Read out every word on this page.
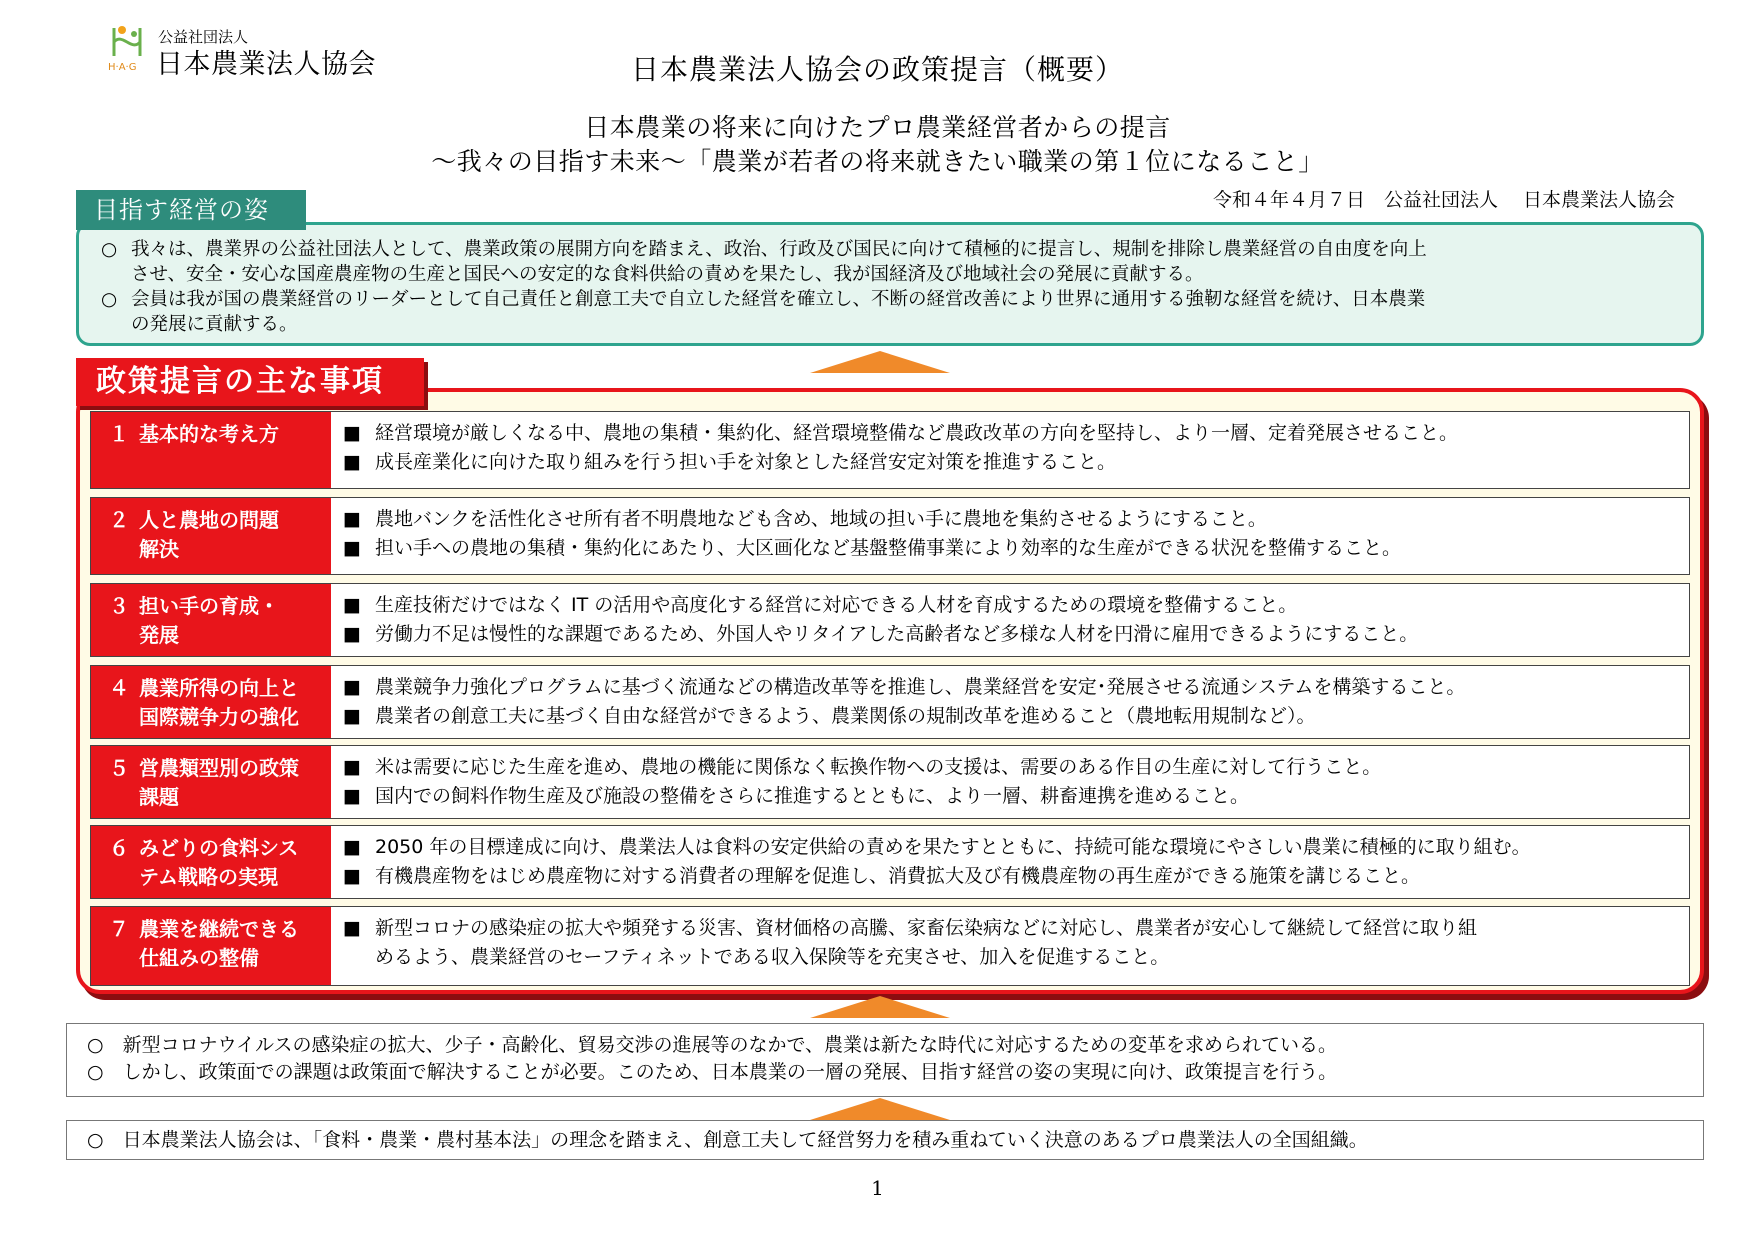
H·A·G
公益社団法人
日本農業法人協会	日本農業法人協会の政策提言（概要）
日本農業の将来に向けたプロ農業経営者からの提言
～我々の目指す未来～「農業が若者の将来就きたい職業の第１位になること」
令和４年４月７日　公益社団法人　 日本農業法人協会
○ 我々は、農業界の公益社団法人として、農業政策の展開方向を踏まえ、政治、行政及び国民に向けて積極的に提言し、規制を排除し農業経営の自由度を向上
させ、安全・安心な国産農産物の生産と国民への安定的な食料供給の責めを果たし、我が国経済及び地域社会の発展に貢献する。
○ 会員は我が国の農業経営のリーダーとして自己責任と創意工夫で自立した経営を確立し、不断の経営改善により世界に通用する強靭な経営を続け、日本農業
の発展に貢献する。
目指す経営の姿
政策提言の主な事項
１ 基本的な考え方	■ 経営環境が厳しくなる中、農地の集積・集約化、経営環境整備など農政改革の方向を堅持し、より一層、定着発展させること。
■ 成長産業化に向けた取り組みを行う担い手を対象とした経営安定対策を推進すること。
２ 人と農地の問題
解決
■ 農地バンクを活性化させ所有者不明農地なども含め、地域の担い手に農地を集約させるようにすること。
■ 担い手への農地の集積・集約化にあたり、大区画化など基盤整備事業により効率的な生産ができる状況を整備すること。
３ 担い手の育成・
発展
■ 生産技術だけではなく IT の活用や高度化する経営に対応できる人材を育成するための環境を整備すること。
■ 労働力不足は慢性的な課題であるため、外国人やリタイアした高齢者など多様な人材を円滑に雇用できるようにすること。
４ 農業所得の向上と
国際競争力の強化
■ 農業競争力強化プログラムに基づく流通などの構造改革等を推進し、農業経営を安定･発展させる流通システムを構築すること。
■ 農業者の創意工夫に基づく自由な経営ができるよう、農業関係の規制改革を進めること（農地転用規制など）。
５ 営農類型別の政策
課題
■ 米は需要に応じた生産を進め、農地の機能に関係なく転換作物への支援は、需要のある作目の生産に対して行うこと。
■ 国内での飼料作物生産及び施設の整備をさらに推進するとともに、より一層、耕畜連携を進めること。
６ みどりの食料シス
テム戦略の実現
■ 2050 年の目標達成に向け、農業法人は食料の安定供給の責めを果たすとともに、持続可能な環境にやさしい農業に積極的に取り組む。
■ 有機農産物をはじめ農産物に対する消費者の理解を促進し、消費拡大及び有機農産物の再生産ができる施策を講じること。
７ 農業を継続できる
仕組みの整備
■ 新型コロナの感染症の拡大や頻発する災害、資材価格の高騰、家畜伝染病などに対応し、農業者が安心して継続して経営に取り組
めるよう、農業経営のセーフティネットである収入保険等を充実させ、加入を促進すること。
○　新型コロナウイルスの感染症の拡大、少子・高齢化、貿易交渉の進展等のなかで、農業は新たな時代に対応するための変革を求められている。
○　しかし、政策面での課題は政策面で解決することが必要。このため、日本農業の一層の発展、目指す経営の姿の実現に向け、政策提言を行う。
○　日本農業法人協会は、「食料・農業・農村基本法」の理念を踏まえ、創意工夫して経営努力を積み重ねていく決意のあるプロ農業法人の全国組織。
1
